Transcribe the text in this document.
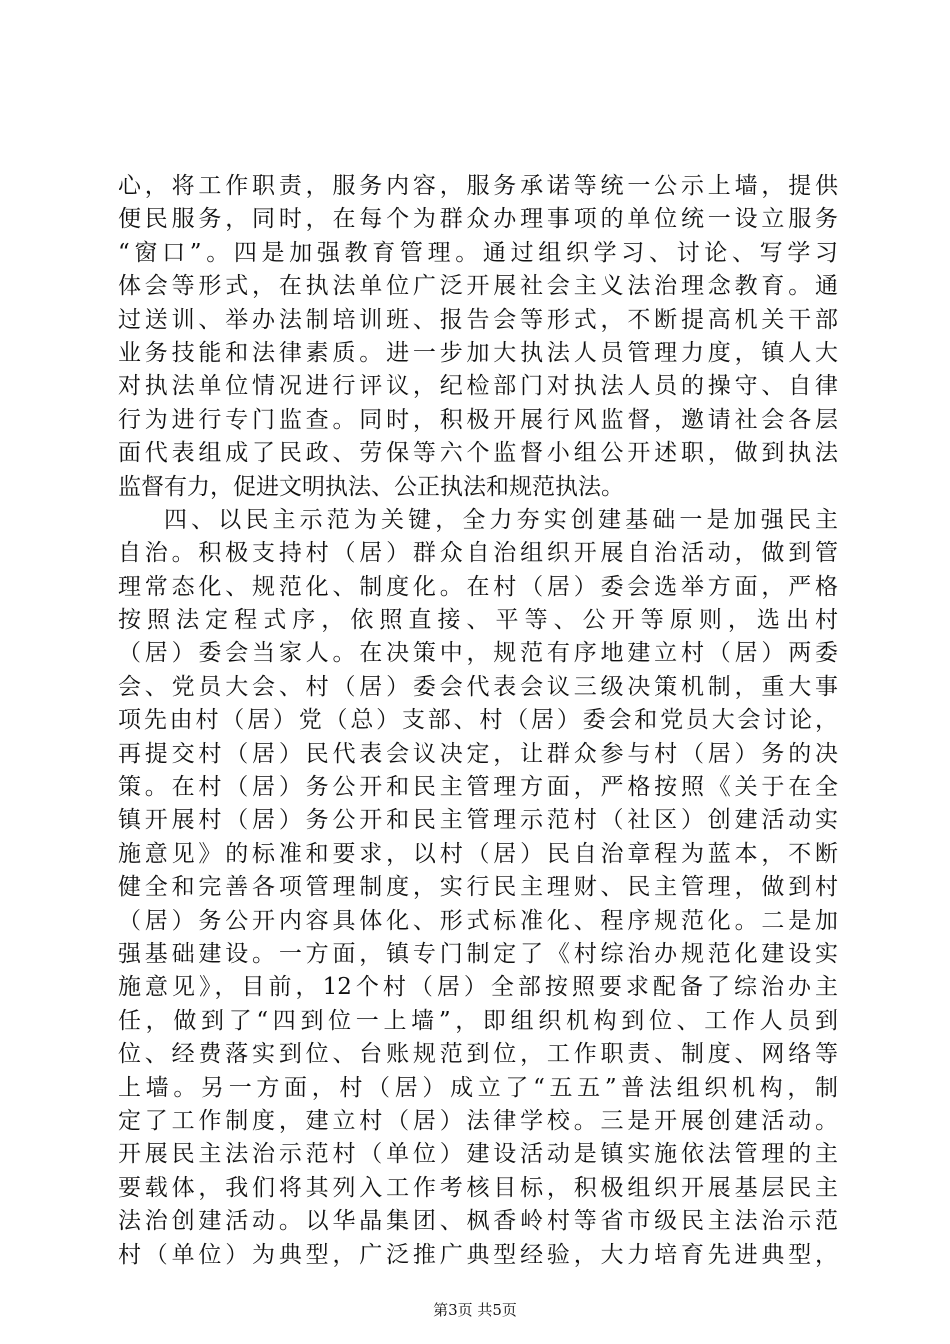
心，将工作职责，服务内容，服务承诺等统一公示上墙，提供
便民服务，同时，在每个为群众办理事项的单位统一设立服务
“窗口”。四是加强教育管理。通过组织学习、讨论、写学习
体会等形式，在执法单位广泛开展社会主义法治理念教育。通
过送训、举办法制培训班、报告会等形式，不断提高机关干部
业务技能和法律素质。进一步加大执法人员管理力度，镇人大
对执法单位情况进行评议，纪检部门对执法人员的操守、自律
行为进行专门监查。同时，积极开展行风监督，邀请社会各层
面代表组成了民政、劳保等六个监督小组公开述职，做到执法
监督有力，促进文明执法、公正执法和规范执法。
四、以民主示范为关键，全力夯实创建基础一是加强民主
自治。积极支持村（居）群众自治组织开展自治活动，做到管
理常态化、规范化、制度化。在村（居）委会选举方面，严格
按照法定程式序，依照直接、平等、公开等原则，选出村
（居）委会当家人。在决策中，规范有序地建立村（居）两委
会、党员大会、村（居）委会代表会议三级决策机制，重大事
项先由村（居）党（总）支部、村（居）委会和党员大会讨论，
再提交村（居）民代表会议决定，让群众参与村（居）务的决
策。在村（居）务公开和民主管理方面，严格按照《关于在全
镇开展村（居）务公开和民主管理示范村（社区）创建活动实
施意见》的标准和要求，以村（居）民自治章程为蓝本，不断
健全和完善各项管理制度，实行民主理财、民主管理，做到村
（居）务公开内容具体化、形式标准化、程序规范化。二是加
强基础建设。一方面，镇专门制定了《村综治办规范化建设实
施意见》，目前，12个村（居）全部按照要求配备了综治办主
任，做到了“四到位一上墙”，即组织机构到位、工作人员到
位、经费落实到位、台账规范到位，工作职责、制度、网络等
上墙。另一方面，村（居）成立了“五五”普法组织机构，制
定了工作制度，建立村（居）法律学校。三是开展创建活动。
开展民主法治示范村（单位）建设活动是镇实施依法管理的主
要载体，我们将其列入工作考核目标，积极组织开展基层民主
法治创建活动。以华晶集团、枫香岭村等省市级民主法治示范
村（单位）为典型，广泛推广典型经验，大力培育先进典型，
第3页 共5页
